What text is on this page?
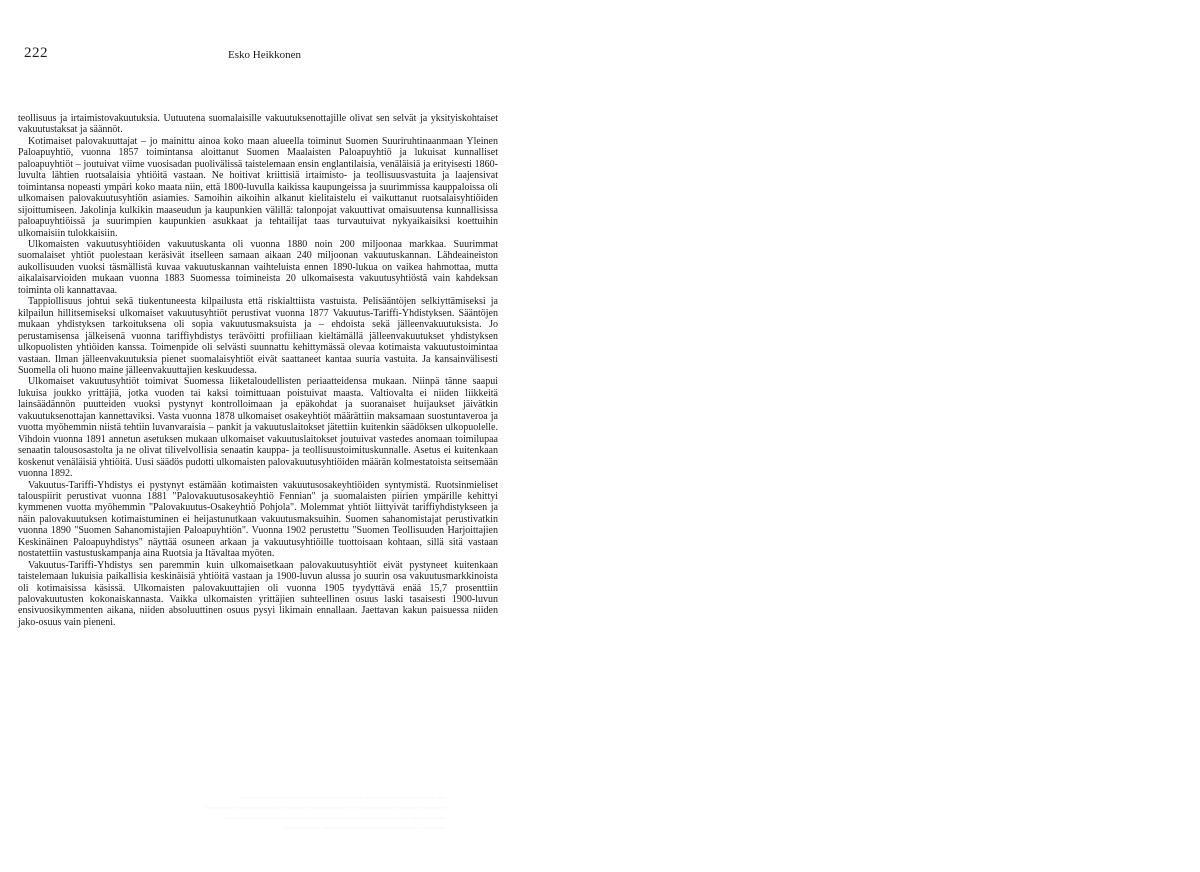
222	Esko Heikkonen

teollisuus ja irtaimistovakuutuksia. Uutuutena suomalaisille vakuutuksenottajille olivat sen selvät ja yksityiskohtaiset vakuutustaksat ja säännöt.

Kotimaiset palovakuuttajat – jo mainittu ainoa koko maan alueella toiminut Suomen Suuriruhtinaanmaan Yleinen Paloapuyhtiö, vuonna 1857 toimintansa aloittanut Suomen Maalaisten Paloapuyhtiö ja lukuisat kunnalliset paloapuyhtiöt – joutuivat viime vuosisadan puolivälissä taistelemaan ensin englantilaisia, venäläisiä ja erityisesti 1860-luvulta lähtien ruotsalaisia yhtiöitä vastaan. Ne hoitivat kriittisiä irtaimisto- ja teollisuusvastuita ja laajensivat toimintansa nopeasti ympäri koko maata niin, että 1800-luvulla kaikissa kaupungeissa ja suurimmissa kauppaloissa oli ulkomaisen palovakuutusyhtiön asiamies. Samoihin aikoihin alkanut kielitaistelu ei vaikuttanut ruotsalaisyhtiöiden sijoittumiseen. Jakolinja kulkikin maaseudun ja kaupunkien välillä: talonpojat vakuuttivat omaisuutensa kunnallisissa paloapuyhtiöissä ja suurimpien kaupunkien asukkaat ja tehtailijat taas turvautuivat nykyaikaisiksi koettuihin ulkomaisiin tulokkaisiin.

Ulkomaisten vakuutusyhtiöiden vakuutuskanta oli vuonna 1880 noin 200 miljoonaa markkaa. Suurimmat suomalaiset yhtiöt puolestaan keräsivät itselleen samaan aikaan 240 miljoonan vakuutuskannan. Lähdeaineiston aukollisuuden vuoksi täsmällistä kuvaa vakuutuskannan vaihteluista ennen 1890-lukua on vaikea hahmottaa, mutta aikalaisarvioiden mukaan vuonna 1883 Suomessa toimineista 20 ulkomaisesta vakuutusyhtiöstä vain kahdeksan toiminta oli kannattavaa.

Tappiollisuus johtui sekä tiukentuneesta kilpailusta että riskialttiista vastuista. Pelisääntöjen selkiyttämiseksi ja kilpailun hillitsemiseksi ulkomaiset vakuutusyhtiöt perustivat vuonna 1877 Vakuutus-Tariffi-Yhdistyksen. Sääntöjen mukaan yhdistyksen tarkoituksena oli sopia vakuutusmaksuista ja – ehdoista sekä jälleenvakuutuksista. Jo perustamisensa jälkeisenä vuonna tariffiyhdistys terävöitti profiiliaan kieltämällä jälleenvakuutukset yhdistyksen ulkopuolisten yhtiöiden kanssa. Toimenpide oli selvästi suunnattu kehittymässä olevaa kotimaista vakuutustoimintaa vastaan. Ilman jälleenvakuutuksia pienet suomalaisyhtiöt eivät saattaneet kantaa suuria vastuita. Ja kansainvälisesti Suomella oli huono maine jälleenvakuuttajien keskuudessa.

Ulkomaiset vakuutusyhtiöt toimivat Suomessa liiketaloudellisten periaatteidensa mukaan. Niinpä tänne saapui lukuisa joukko yrittäjiä, jotka vuoden tai kaksi toimittuaan poistuivat maasta. Valtiovalta ei niiden liikkeitä lainsäädännön puutteiden vuoksi pystynyt kontrolloimaan ja epäkohdat ja suoranaiset huijaukset jäivätkin vakuutuksenottajan kannettaviksi. Vasta vuonna 1878 ulkomaiset osakeyhtiöt määrättiin maksamaan suostuntaveroa ja vuotta myöhemmin niistä tehtiin luvanvaraisia – pankit ja vakuutuslaitokset jätettiin kuitenkin säädöksen ulkopuolelle. Vihdoin vuonna 1891 annetun asetuksen mukaan ulkomaiset vakuutuslaitokset joutuivat vastedes anomaan toimilupaa senaatin talousosastolta ja ne olivat tilivelvollisia senaatin kauppa- ja teollisuustoimituskunnalle. Asetus ei kuitenkaan koskenut venäläisiä yhtiöitä. Uusi säädös pudotti ulkomaisten palovakuutusyhtiöiden määrän kolmestatoista seitsemään vuonna 1892.

Vakuutus-Tariffi-Yhdistys ei pystynyt estämään kotimaisten vakuutusosakeyhtiöiden syntymistä. Ruotsinmieliset talouspiirit perustivat vuonna 1881 "Palovakuutusosakeyhtiö Fennian" ja suomalaisten piirien ympärille kehittyi kymmenen vuotta myöhemmin "Palovakuutus-Osakeyhtiö Pohjola". Molemmat yhtiöt liittyivät tariffiyhdistykseen ja näin palovakuutuksen kotimaistuminen ei heijastunutkaan vakuutusmaksuihin. Suomen sahanomistajat perustivatkin vuonna 1890 "Suomen Sahanomistajien Paloapuyhtiön". Vuonna 1902 perustettu "Suomen Teollisuuden Harjoittajien Keskinäinen Paloapuyhdistys" näyttää osuneen arkaan ja vakuutusyhtiöille tuottoisaan kohtaan, sillä sitä vastaan nostatettiin vastustuskampanja aina Ruotsia ja Itävaltaa myöten.

Vakuutus-Tariffi-Yhdistys sen paremmin kuin ulkomaisetkaan palovakuutusyhtiöt eivät pystyneet kuitenkaan taistelemaan lukuisia paikallisia keskinäisiä yhtiöitä vastaan ja 1900-luvun alussa jo suurin osa vakuutusmarkkinoista oli kotimaisissa käsissä. Ulkomaisten palovakuuttajien oli vuonna 1905 tyydyttävä enää 15,7 prosenttiin palovakuutusten kokonaiskannasta. Vaikka ulkomaisten yrittäjien suhteellinen osuus laski tasaisesti 1900-luvun ensivuosikymmenten aikana, niiden absoluuttinen osuus pysyi likimain ennallaan. Jaettavan kakun paisuessa niiden jako-osuus vain pieneni.

— — ——— — —— ———— —— ————— ——
——— —— ———— — ———— ——— ————— ———
———— ——— ———— — ——— —— ———— ——
——— ————— —— ——— ————
